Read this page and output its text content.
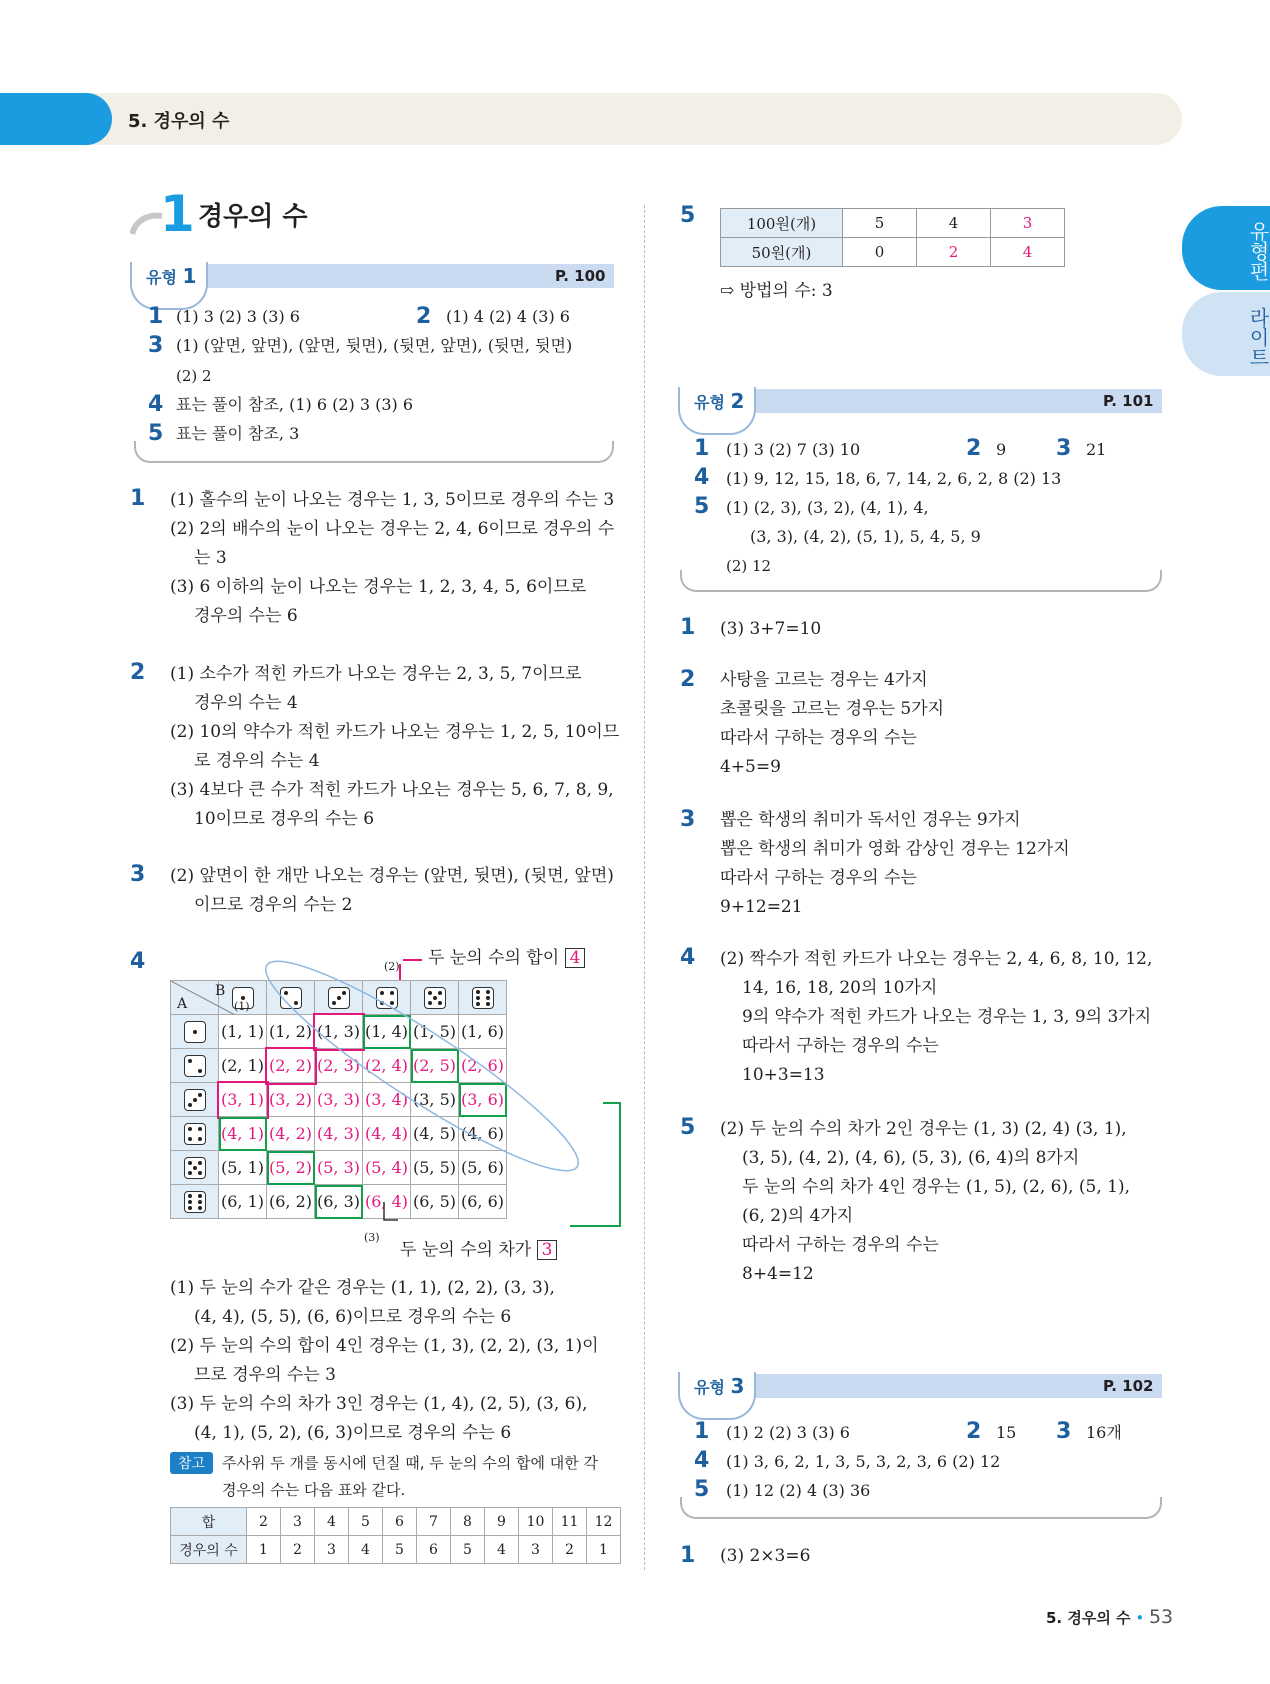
5. 경우의 수
유형편
라이트
1 경우의 수
유형 1	P. 100
1 (1) 3 (2) 3 (3) 6	2 (1) 4 (2) 4 (3) 6
3 (1) (앞면, 앞면), (앞면, 뒷면), (뒷면, 앞면), (뒷면, 뒷면)
(2) 2
4 표는 풀이 참조, (1) 6 (2) 3 (3) 6
5 표는 풀이 참조, 3
1 (1) 홀수의 눈이 나오는 경우는 1, 3, 5이므로 경우의 수는 3
(2) 2의 배수의 눈이 나오는 경우는 2, 4, 6이므로 경우의 수
는 3
(3) 6 이하의 눈이 나오는 경우는 1, 2, 3, 4, 5, 6이므로
경우의 수는 6
2 (1) 소수가 적힌 카드가 나오는 경우는 2, 3, 5, 7이므로
경우의 수는 4
(2) 10의 약수가 적힌 카드가 나오는 경우는 1, 2, 5, 10이므
로 경우의 수는 4
(3) 4보다 큰 수가 적힌 카드가 나오는 경우는 5, 6, 7, 8, 9,
10이므로 경우의 수는 6
3 (2) 앞면이 한 개만 나오는 경우는 (앞면, 뒷면), (뒷면, 앞면)
이므로 경우의 수는 2
4	(2) 두 눈의 수의 합이 4
A
B						

	(1, 1)	(1, 2)	(1, 3)	(1, 4)	(1, 5)	(1, 6)

	(2, 1)	(2, 2)	(2, 3)	(2, 4)	(2, 5)	(2, 6)

	(3, 1)	(3, 2)	(3, 3)	(3, 4)	(3, 5)	(3, 6)

	(4, 1)	(4, 2)	(4, 3)	(4, 4)	(4, 5)	(4, 6)

	(5, 1)	(5, 2)	(5, 3)	(5, 4)	(5, 5)	(5, 6)

	(6, 1)	(6, 2)	(6, 3)	(6, 4)	(6, 5)	(6, 6)
(1)
(3)
두 눈의 수의 차가 3
(1) 두 눈의 수가 같은 경우는 (1, 1), (2, 2), (3, 3),
(4, 4), (5, 5), (6, 6)이므로 경우의 수는 6
(2) 두 눈의 수의 합이 4인 경우는 (1, 3), (2, 2), (3, 1)이
므로 경우의 수는 3
(3) 두 눈의 수의 차가 3인 경우는 (1, 4), (2, 5), (3, 6),
(4, 1), (5, 2), (6, 3)이므로 경우의 수는 6
참고	주사위 두 개를 동시에 던질 때, 두 눈의 수의 합에 대한 각
경우의 수는 다음 표와 같다.
합	2	3	4	5	6	7	8	9	10	11	12
경우의 수	1	2	3	4	5	6	5	4	3	2	1
5	100원(개)	5	4	3
50원(개)	0	2	4
⇨ 방법의 수: 3
유형 2	P. 101
1 (1) 3 (2) 7 (3) 10	2 9 3 21
4 (1) 9, 12, 15, 18, 6, 7, 14, 2, 6, 2, 8 (2) 13
5 (1) (2, 3), (3, 2), (4, 1), 4,
(3, 3), (4, 2), (5, 1), 5, 4, 5, 9
(2) 12
1 (3) 3+7=10
2 사탕을 고르는 경우는 4가지
초콜릿을 고르는 경우는 5가지
따라서 구하는 경우의 수는
4+5=9
3 뽑은 학생의 취미가 독서인 경우는 9가지
뽑은 학생의 취미가 영화 감상인 경우는 12가지
따라서 구하는 경우의 수는
9+12=21
4 (2) 짝수가 적힌 카드가 나오는 경우는 2, 4, 6, 8, 10, 12,
14, 16, 18, 20의 10가지
9의 약수가 적힌 카드가 나오는 경우는 1, 3, 9의 3가지
따라서 구하는 경우의 수는
10+3=13
5 (2) 두 눈의 수의 차가 2인 경우는 (1, 3) (2, 4) (3, 1),
(3, 5), (4, 2), (4, 6), (5, 3), (6, 4)의 8가지
두 눈의 수의 차가 4인 경우는 (1, 5), (2, 6), (5, 1),
(6, 2)의 4가지
따라서 구하는 경우의 수는
8+4=12
유형 3	P. 102
1 (1) 2 (2) 3 (3) 6	2 15 3 16개
4 (1) 3, 6, 2, 1, 3, 5, 3, 2, 3, 6 (2) 12
5 (1) 12 (2) 4 (3) 36
1 (3) 2×3=6
5. 경우의 수 • 53
